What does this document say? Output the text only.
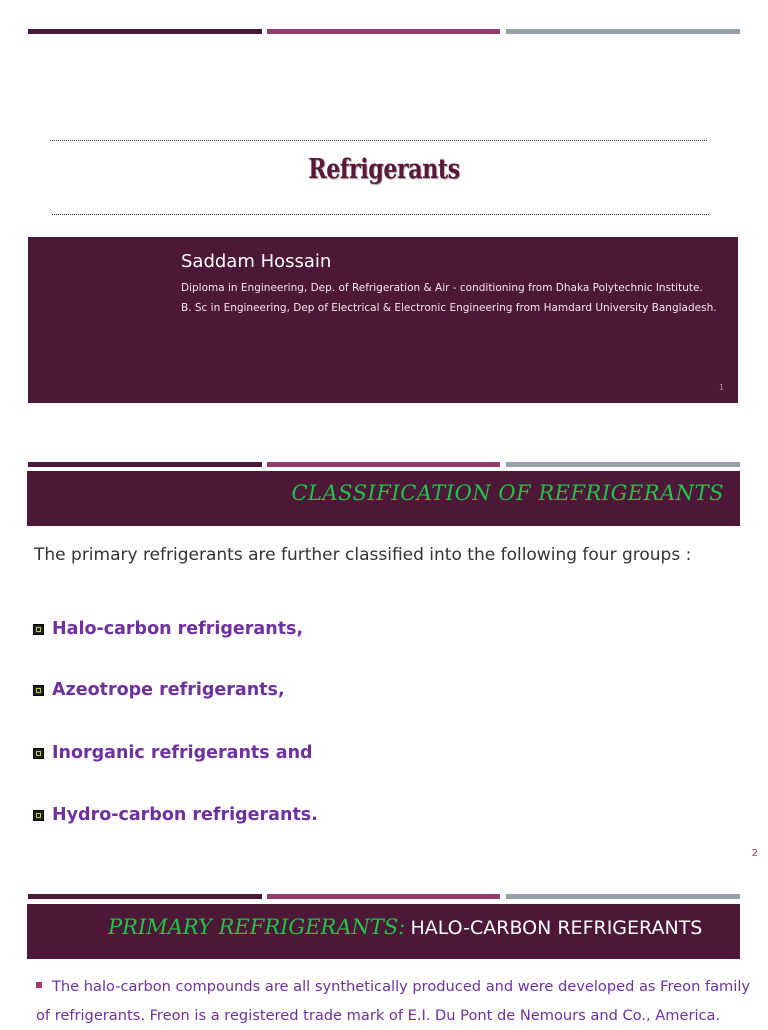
Refrigerants
Saddam Hossain
Diploma in Engineering, Dep. of Refrigeration & Air - conditioning from Dhaka Polytechnic Institute.
B. Sc in Engineering, Dep of Electrical & Electronic Engineering from Hamdard University Bangladesh.
1
CLASSIFICATION OF REFRIGERANTS
The primary refrigerants are further classified into the following four groups :
Halo-carbon refrigerants,
Azeotrope refrigerants,
Inorganic refrigerants and
Hydro-carbon refrigerants.
2
PRIMARY REFRIGERANTS: HALO-CARBON REFRIGERANTS
The halo-carbon compounds are all synthetically produced and were developed as Freon family of refrigerants. Freon is a registered trade mark of E.I. Du Pont de Nemours and Co., America.
